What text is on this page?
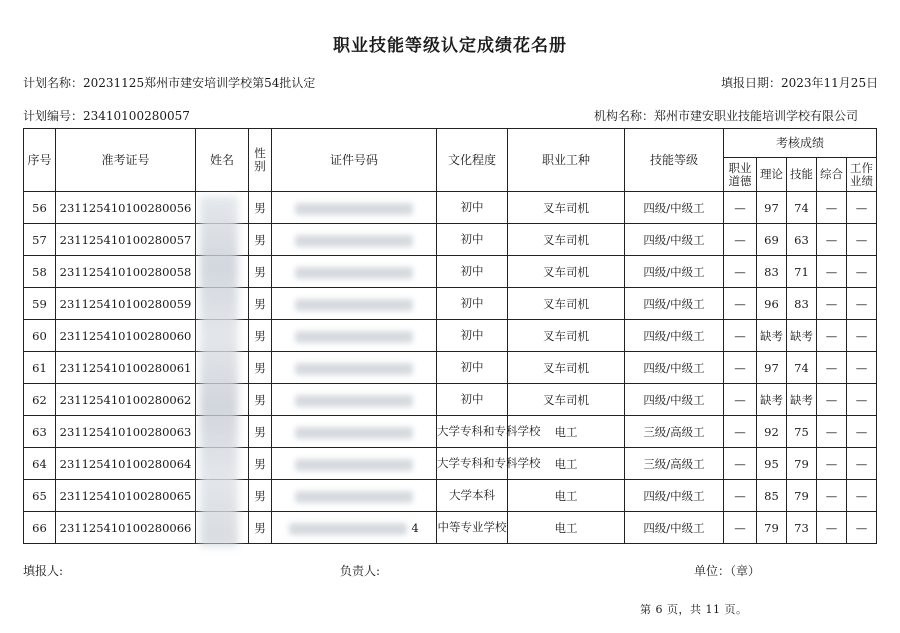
职业技能等级认定成绩花名册
计划名称：20231125郑州市建安培训学校第54批认定	填报日期：2023年11月25日
计划编号：23410100280057	机构名称：郑州市建安职业技能培训学校有限公司
序号	准考证号	姓名	性别	证件号码	文化程度	职业工种	技能等级	考核成绩				
								职业道德	理论	技能	综合	工作业绩
56	231125410100280056		男		初中	叉车司机	四级/中级工	—	97	74	—	—
57	231125410100280057		男		初中	叉车司机	四级/中级工	—	69	63	—	—
58	231125410100280058		男		初中	叉车司机	四级/中级工	—	83	71	—	—
59	231125410100280059		男		初中	叉车司机	四级/中级工	—	96	83	—	—
60	231125410100280060		男		初中	叉车司机	四级/中级工	—	缺考	缺考	—	—
61	231125410100280061		男		初中	叉车司机	四级/中级工	—	97	74	—	—
62	231125410100280062		男		初中	叉车司机	四级/中级工	—	缺考	缺考	—	—
63	231125410100280063		男		大学专科和专科学校	电工	三级/高级工	—	92	75	—	—
64	231125410100280064		男		大学专科和专科学校	电工	三级/高级工	—	95	79	—	—
65	231125410100280065		男		大学本科	电工	四级/中级工	—	85	79	—	—
66	231125410100280066		男	4	中等专业学校	电工	四级/中级工	—	79	73	—	—
填报人:	负责人:	单位：（章）
第 6 页，共 11 页。
